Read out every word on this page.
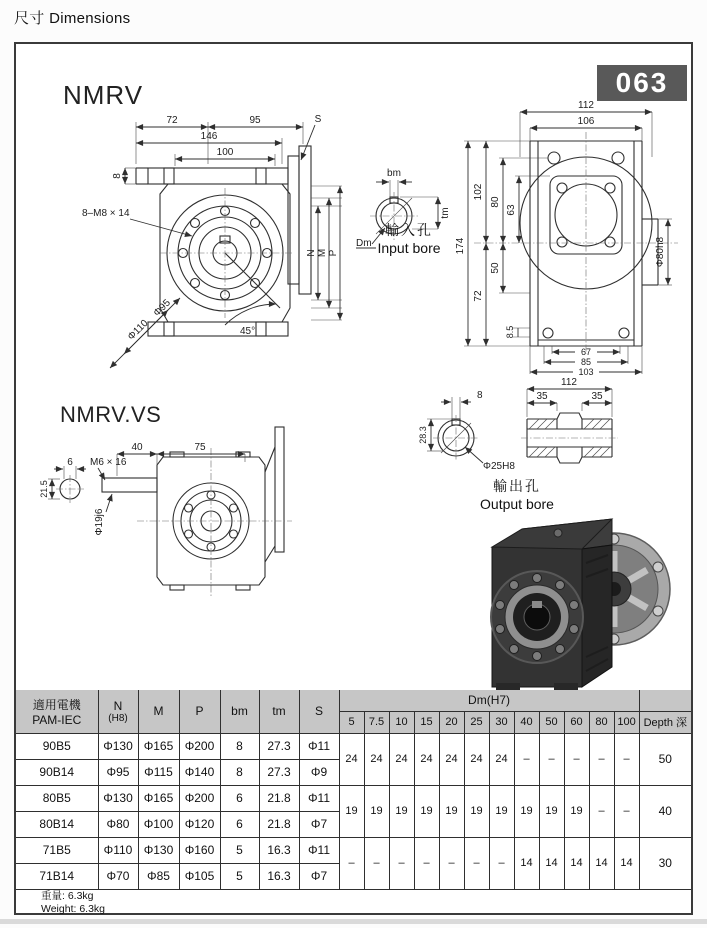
尺寸 Dimensions
NMRV	063
NMRV.VS
72	95
146
100
8
S
N M P
8–M8 × 14
Φ95
Φ110	45°
bm
tm
Dm
輸入孔
Input bore
112
106
174
102
72
80
50
63
8.5
67
85
103
Φ80h8
40	75
6 M6 × 16
21.5
Φ19j6
8
28.3
Φ25H8
112
35	35
輸出孔
Output bore
適用電機
PAM-IEC

N
(H8)	M	P	bm	tm	S	Dm(H7)	
							5	7.5	10	15	20	25	30	40	50	60	80	100	Depth 深
90B5	Φ130	Φ165	Φ200	8	27.3	Φ11	24	24	24	24	24	24	24	–	–	–	–	–	50
90B14	Φ95	Φ115	Φ140	8	27.3	Φ9													
80B5	Φ130	Φ165	Φ200	6	21.8	Φ11	19	19	19	19	19	19	19	19	19	19	–	–	40
80B14	Φ80	Φ100	Φ120	6	21.8	Φ7													
71B5	Φ110	Φ130	Φ160	5	16.3	Φ11	–	–	–	–	–	–	–	14	14	14	14	14	30
71B14	Φ70	Φ85	Φ105	5	16.3	Φ7													

重量: 6.3kg
Weight: 6.3kg																			
